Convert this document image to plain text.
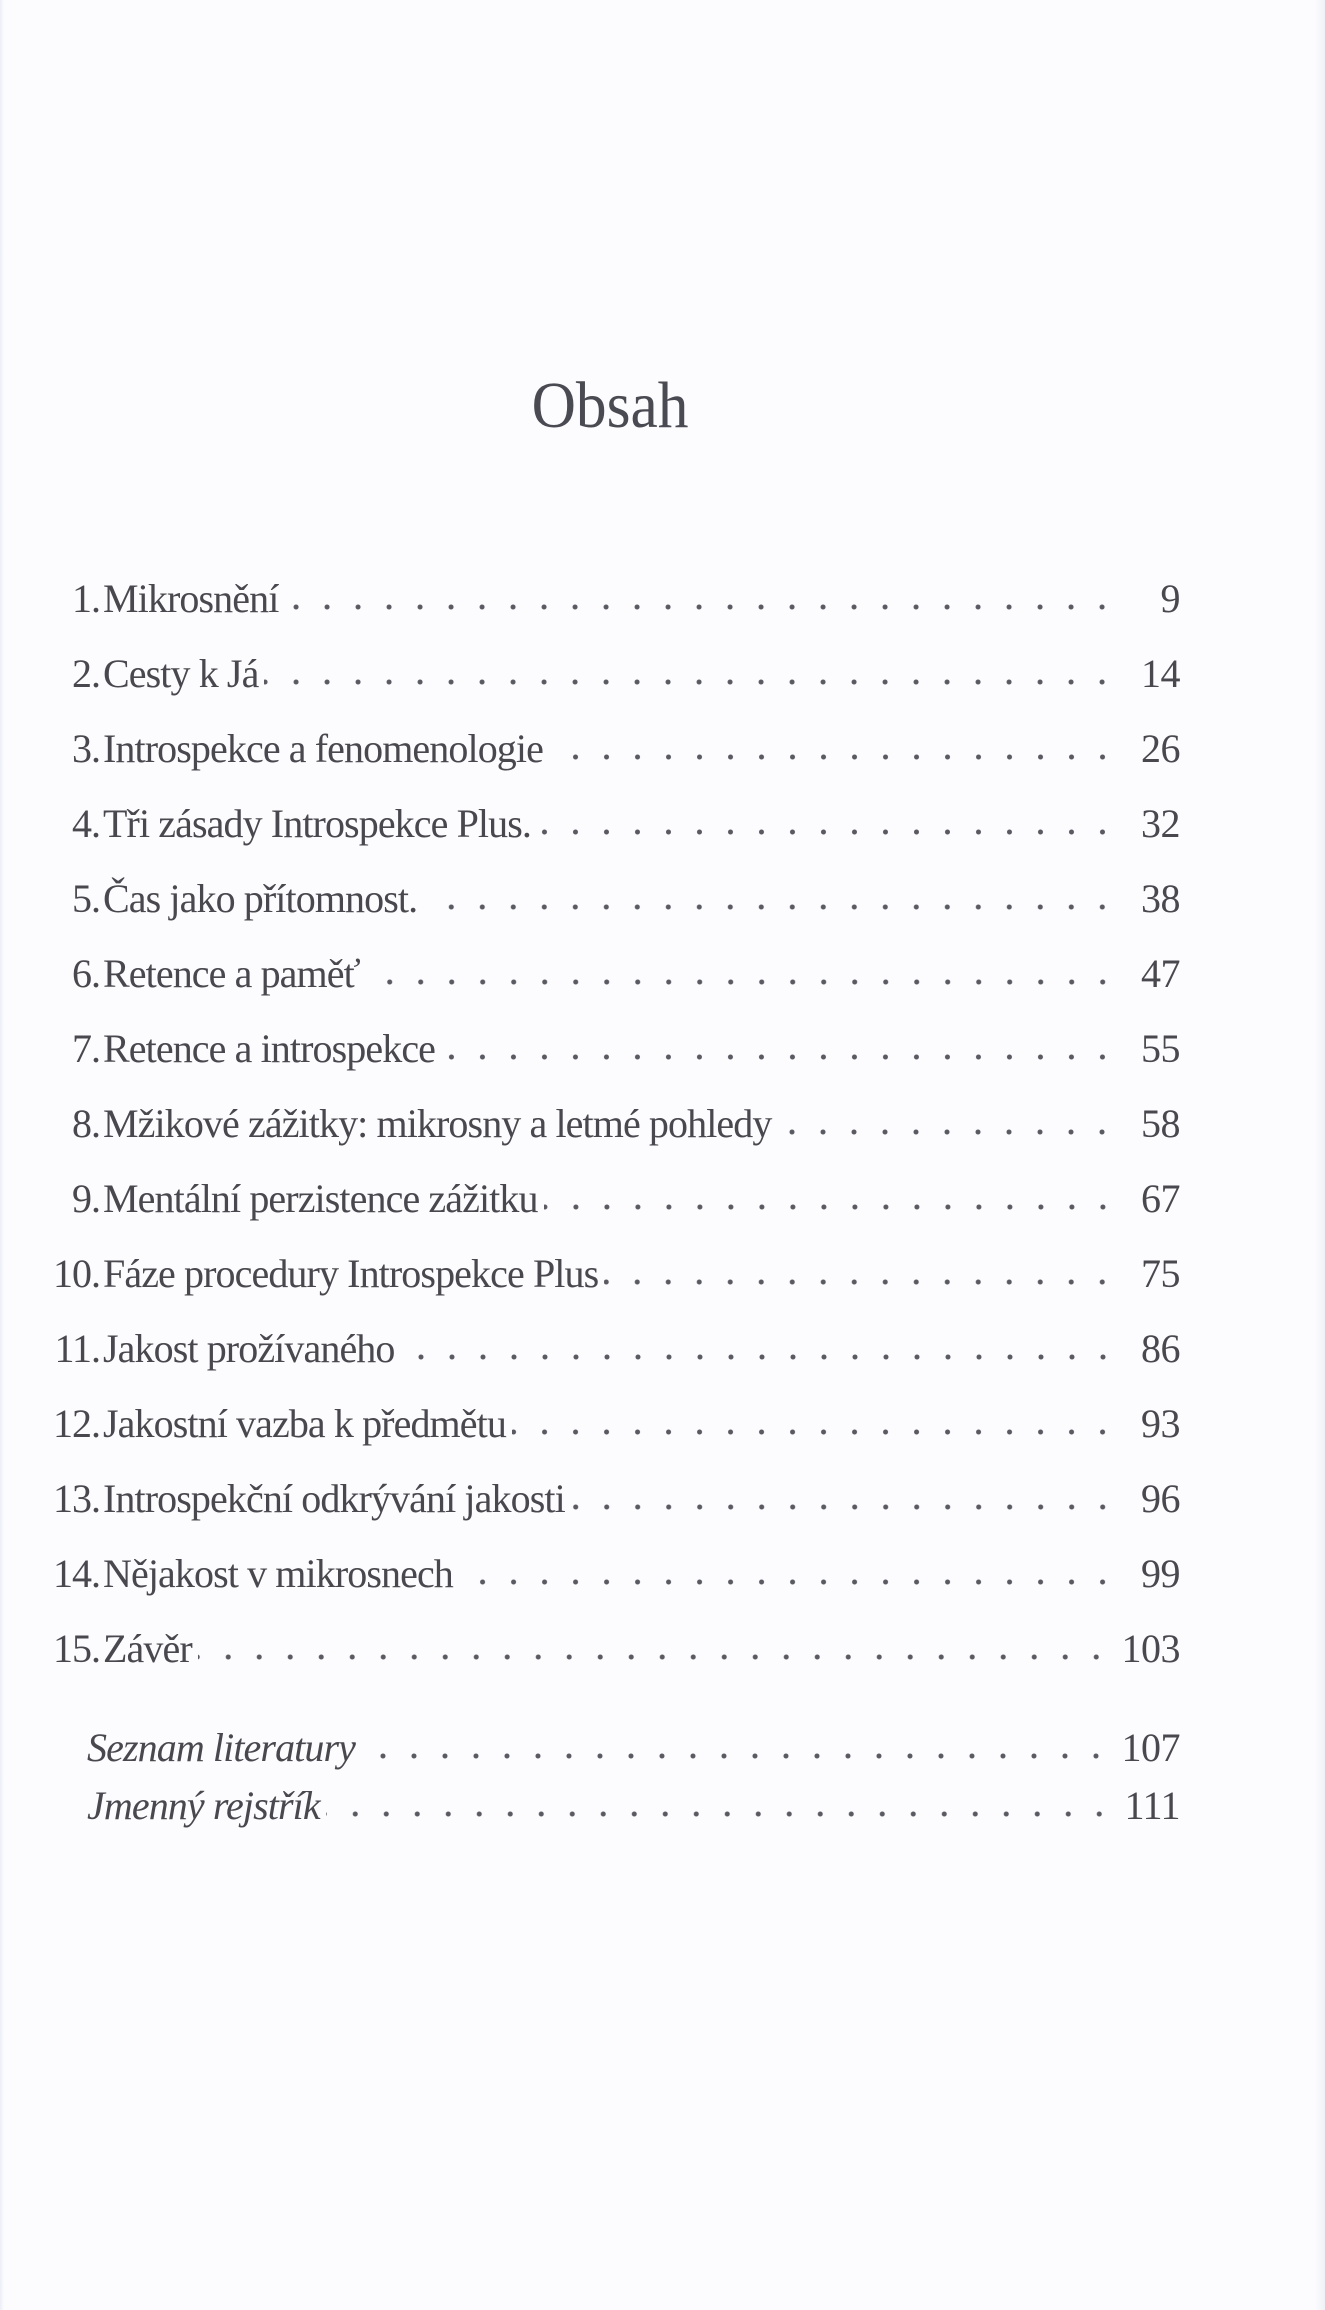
Obsah
1. Mikrosnění	9
2. Cesty k Já	14
3. Introspekce a fenomenologie	26
4. Tři zásady Introspekce Plus.	32
5. Čas jako přítomnost.	38
6. Retence a paměť	47
7. Retence a introspekce	55
8. Mžikové zážitky: mikrosny a letmé pohledy	58
9. Mentální perzistence zážitku	67
10. Fáze procedury Introspekce Plus	75
11. Jakost prožívaného	86
12. Jakostní vazba k předmětu	93
13. Introspekční odkrývání jakosti	96
14. Nějakost v mikrosnech	99
15. Závěr	103
Seznam literatury	107
Jmenný rejstřík	111
